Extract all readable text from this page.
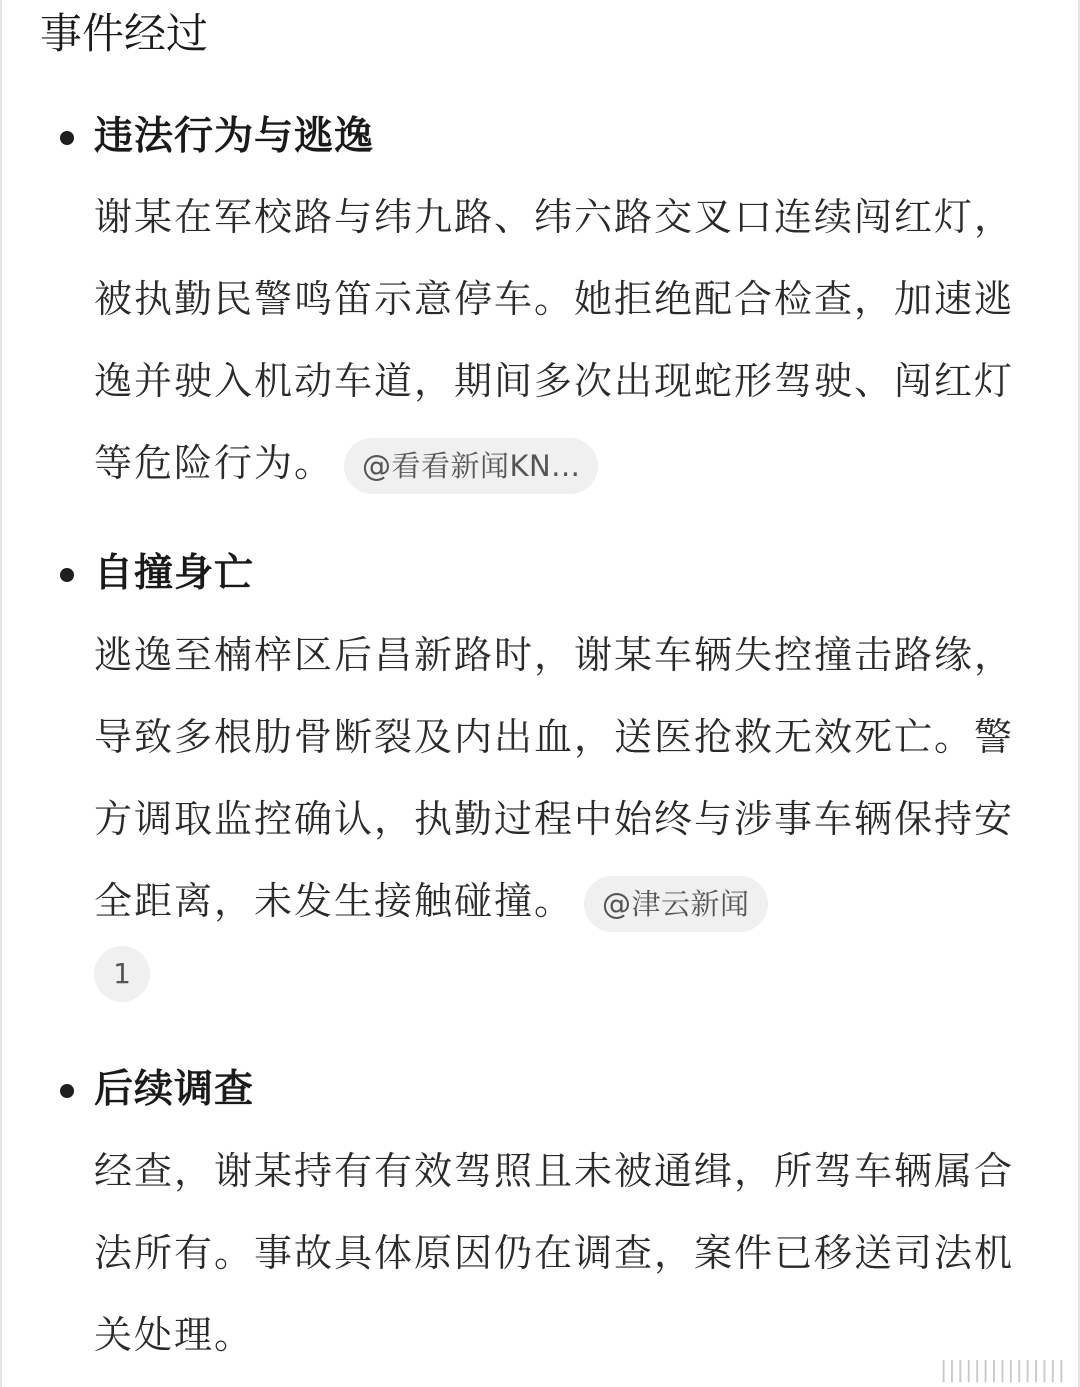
事件经过
违法行为与逃逸
谢某在军校路与纬九路、纬六路交叉口连续闯红灯，被执勤民警鸣笛示意停车。她拒绝配合检查，加速逃逸并驶入机动车道，期间多次出现蛇形驾驶、闯红灯等危险行为。 @看看新闻KN...
自撞身亡
逃逸至楠梓区后昌新路时，谢某车辆失控撞击路缘，导致多根肋骨断裂及内出血，送医抢救无效死亡。警方调取监控确认，执勤过程中始终与涉事车辆保持安全距离，未发生接触碰撞。 @津云新闻
1
后续调查
经查，谢某持有有效驾照且未被通缉，所驾车辆属合法所有。事故具体原因仍在调查，案件已移送司法机关处理。
|||||||||||||||
